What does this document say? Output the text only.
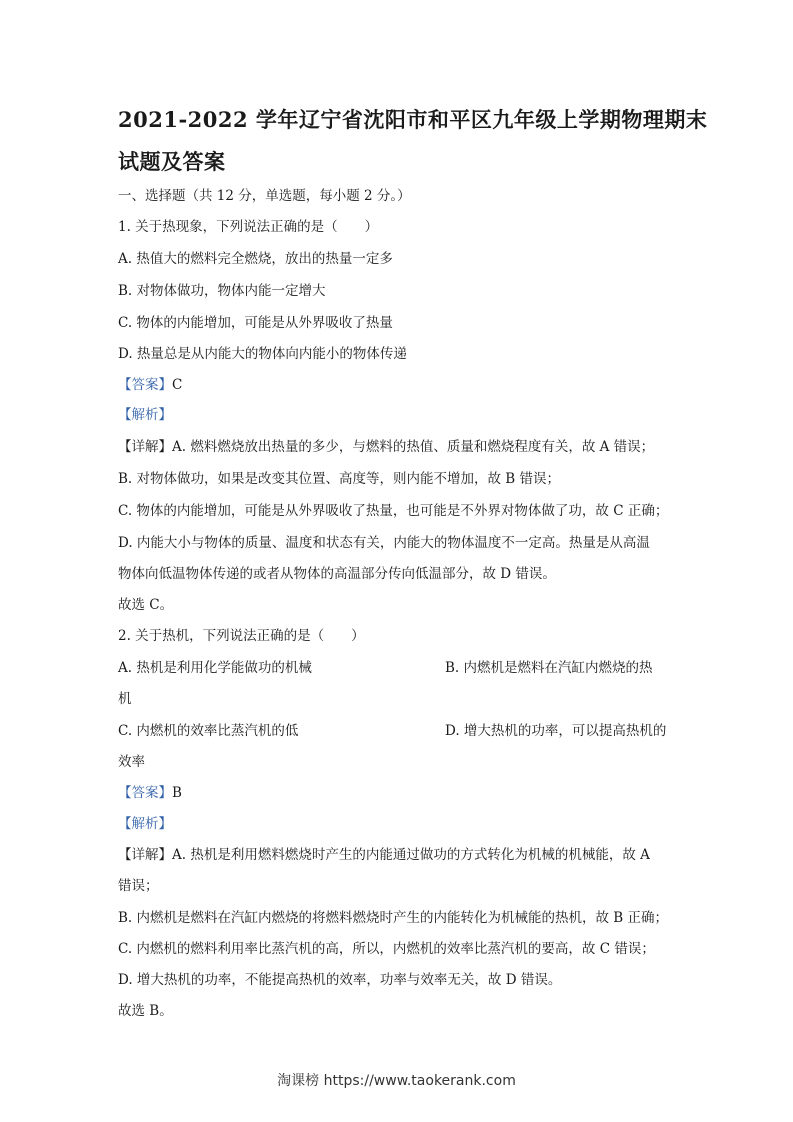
2021-2022 学年辽宁省沈阳市和平区九年级上学期物理期末
试题及答案
一、选择题（共 12 分，单选题，每小题 2 分。）
1. 关于热现象，下列说法正确的是（　　）
A. 热值大的燃料完全燃烧，放出的热量一定多
B. 对物体做功，物体内能一定增大
C. 物体的内能增加，可能是从外界吸收了热量
D. 热量总是从内能大的物体向内能小的物体传递
【答案】C
【解析】
【详解】A. 燃料燃烧放出热量的多少，与燃料的热值、质量和燃烧程度有关，故 A 错误；
B. 对物体做功，如果是改变其位置、高度等，则内能不增加，故 B 错误；
C. 物体的内能增加，可能是从外界吸收了热量，也可能是不外界对物体做了功，故 C 正确；
D. 内能大小与物体的质量、温度和状态有关，内能大的物体温度不一定高。热量是从高温
物体向低温物体传递的或者从物体的高温部分传向低温部分，故 D 错误。
故选 C。
2. 关于热机，下列说法正确的是（　　）
A. 热机是利用化学能做功的机械	B. 内燃机是燃料在汽缸内燃烧的热
机
C. 内燃机的效率比蒸汽机的低	D. 增大热机的功率，可以提高热机的
效率
【答案】B
【解析】
【详解】A. 热机是利用燃料燃烧时产生的内能通过做功的方式转化为机械的机械能，故 A
错误；
B. 内燃机是燃料在汽缸内燃烧的将燃料燃烧时产生的内能转化为机械能的热机，故 B 正确；
C. 内燃机的燃料利用率比蒸汽机的高，所以，内燃机的效率比蒸汽机的要高，故 C 错误；
D. 增大热机的功率，不能提高热机的效率，功率与效率无关，故 D 错误。
故选 B。
淘课榜 https://www.taokerank.com
